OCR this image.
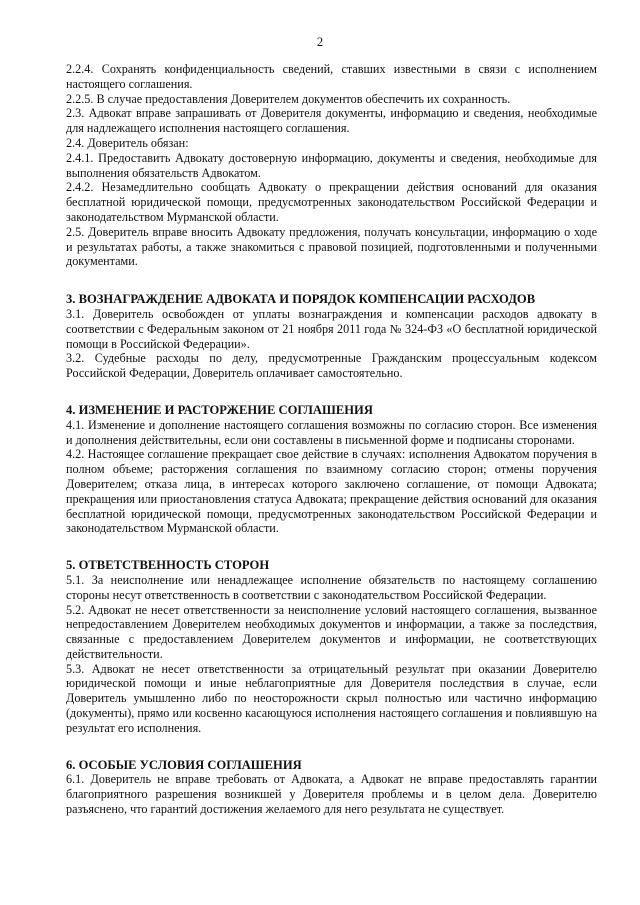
2

2.2.4. Сохранять конфиденциальность сведений, ставших известными в связи с исполнением настоящего соглашения.

2.2.5. В случае предоставления Доверителем документов обеспечить их сохранность.

2.3. Адвокат вправе запрашивать от Доверителя документы, информацию и сведения, необходимые для надлежащего исполнения настоящего соглашения.

2.4. Доверитель обязан:

2.4.1. Предоставить Адвокату достоверную информацию, документы и сведения, необходимые для выполнения обязательств Адвокатом.

2.4.2. Незамедлительно сообщать Адвокату о прекращении действия оснований для оказания бесплатной юридической помощи, предусмотренных законодательством Российской Федерации и законодательством Мурманской области.

2.5. Доверитель вправе вносить Адвокату предложения, получать консультации, информацию о ходе и результатах работы, а также знакомиться с правовой позицией, подготовленными и полученными документами.

3. ВОЗНАГРАЖДЕНИЕ АДВОКАТА И ПОРЯДОК КОМПЕНСАЦИИ РАСХОДОВ

3.1. Доверитель освобожден от уплаты вознаграждения и компенсации расходов адвокату в соответствии с Федеральным законом от 21 ноября 2011 года № 324-ФЗ «О бесплатной юридической помощи в Российской Федерации».

3.2. Судебные расходы по делу, предусмотренные Гражданским процессуальным кодексом Российской Федерации, Доверитель оплачивает самостоятельно.

4. ИЗМЕНЕНИЕ И РАСТОРЖЕНИЕ СОГЛАШЕНИЯ

4.1. Изменение и дополнение настоящего соглашения возможны по согласию сторон. Все изменения и дополнения действительны, если они составлены в письменной форме и подписаны сторонами.

4.2. Настоящее соглашение прекращает свое действие в случаях: исполнения Адвокатом поручения в полном объеме; расторжения соглашения по взаимному согласию сторон; отмены поручения Доверителем; отказа лица, в интересах которого заключено соглашение, от помощи Адвоката; прекращения или приостановления статуса Адвоката; прекращение действия оснований для оказания бесплатной юридической помощи, предусмотренных законодательством Российской Федерации и законодательством Мурманской области.

5. ОТВЕТСТВЕННОСТЬ СТОРОН

5.1. За неисполнение или ненадлежащее исполнение обязательств по настоящему соглашению стороны несут ответственность в соответствии с законодательством Российской Федерации.

5.2. Адвокат не несет ответственности за неисполнение условий настоящего соглашения, вызванное непредоставлением Доверителем необходимых документов и информации, а также за последствия, связанные с предоставлением Доверителем документов и информации, не соответствующих действительности.

5.3. Адвокат не несет ответственности за отрицательный результат при оказании Доверителю юридической помощи и иные неблагоприятные для Доверителя последствия в случае, если Доверитель умышленно либо по неосторожности скрыл полностью или частично информацию (документы), прямо или косвенно касающуюся исполнения настоящего соглашения и повлиявшую на результат его исполнения.

6. ОСОБЫЕ УСЛОВИЯ СОГЛАШЕНИЯ

6.1. Доверитель не вправе требовать от Адвоката, а Адвокат не вправе предоставлять гарантии благоприятного разрешения возникшей у Доверителя проблемы и в целом дела. Доверителю разъяснено, что гарантий достижения желаемого для него результата не существует.
